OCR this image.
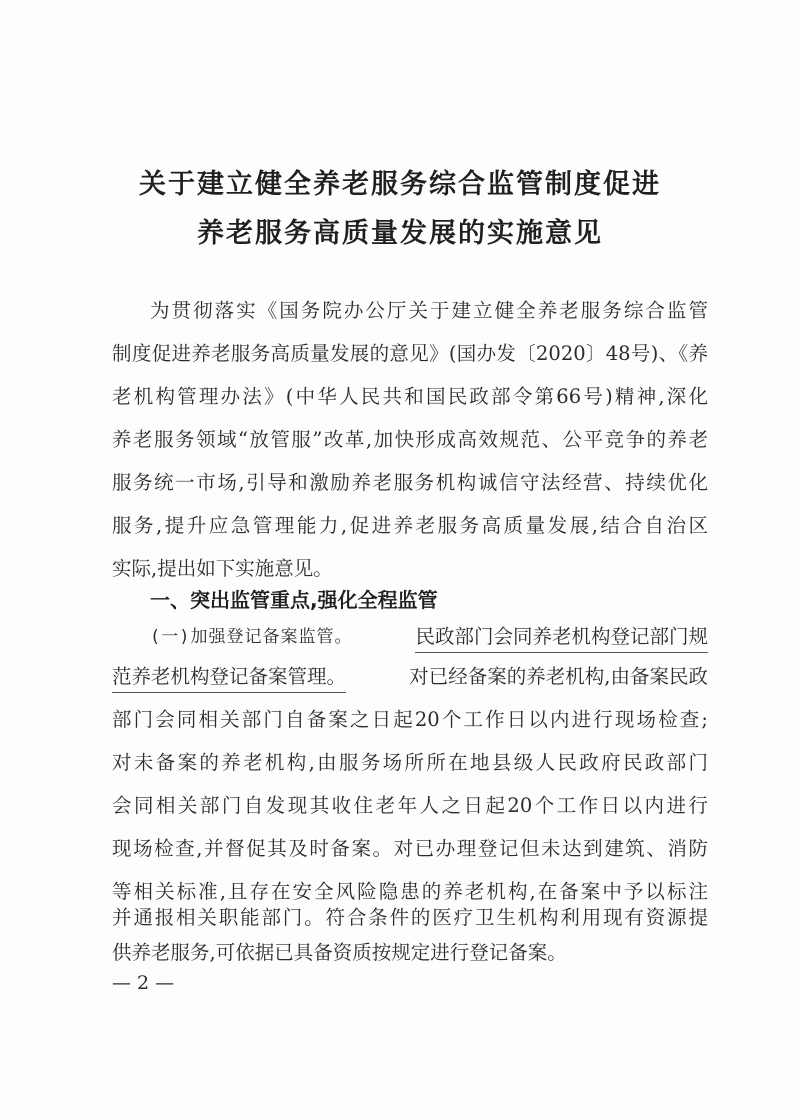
关于建立健全养老服务综合监管制度促进
养老服务高质量发展的实施意见
为贯彻落实《国务院办公厅关于建立健全养老服务综合监管
制度促进养老服务高质量发展的意见》(国办发〔2020〕48号)、《养
老机构管理办法》(中华人民共和国民政部令第66号)精神,深化
养老服务领域“放管服”改革,加快形成高效规范、公平竞争的养老
服务统一市场,引导和激励养老服务机构诚信守法经营、持续优化
服务,提升应急管理能力,促进养老服务高质量发展,结合自治区
实际,提出如下实施意见。
一、突出监管重点,强化全程监管
(一)加强登记备案监管。	民政部门会同养老机构登记部门规
范养老机构登记备案管理。	对已经备案的养老机构,由备案民政
部门会同相关部门自备案之日起20个工作日以内进行现场检查;
对未备案的养老机构,由服务场所所在地县级人民政府民政部门
会同相关部门自发现其收住老年人之日起20个工作日以内进行
现场检查,并督促其及时备案。对已办理登记但未达到建筑、消防
等相关标准,且存在安全风险隐患的养老机构,在备案中予以标注
并通报相关职能部门。符合条件的医疗卫生机构利用现有资源提
供养老服务,可依据已具备资质按规定进行登记备案。
— 2 —
